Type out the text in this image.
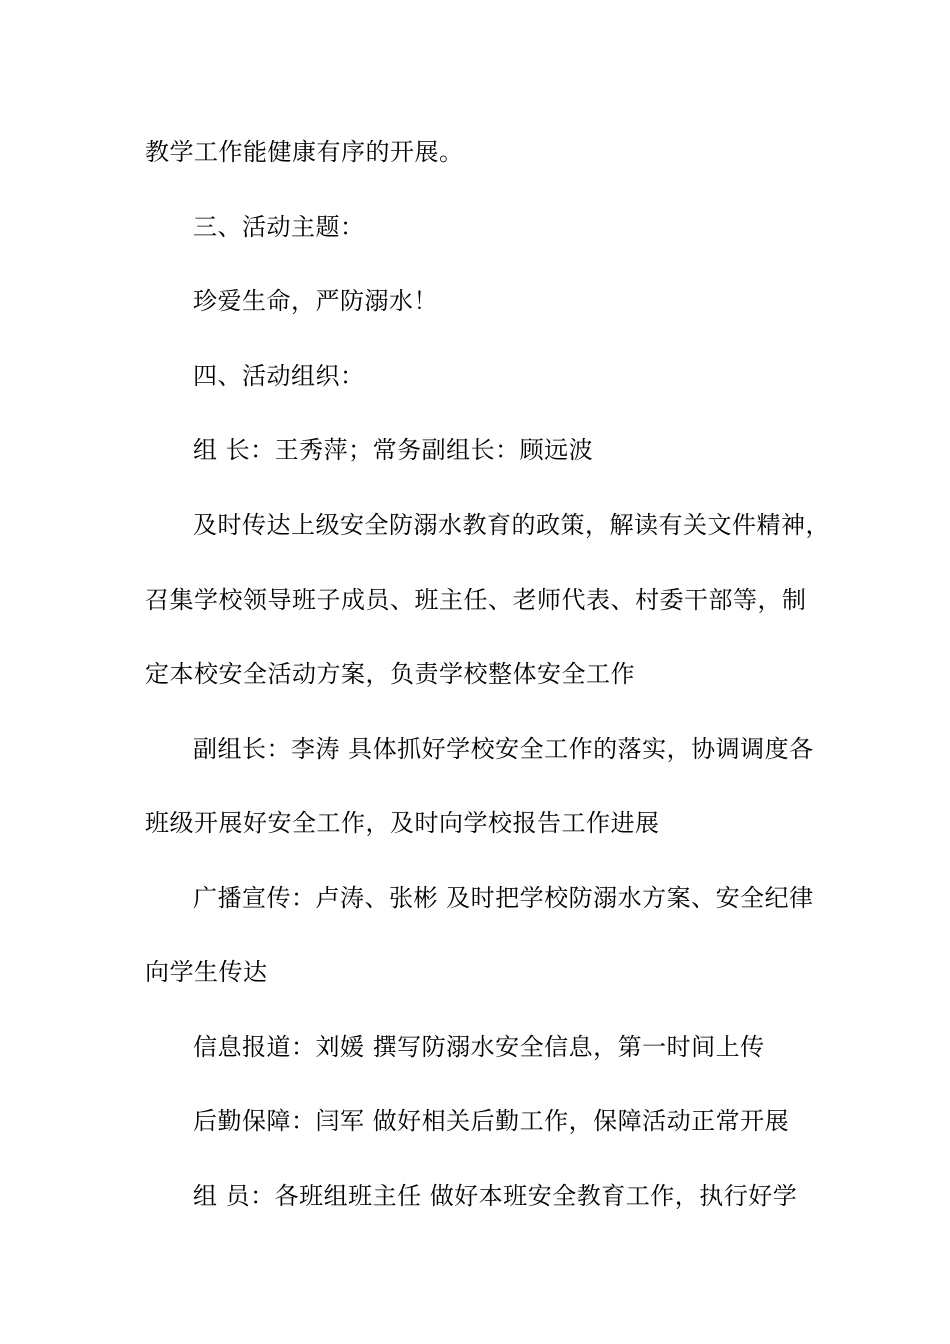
教学工作能健康有序的开展。
三、活动主题：
珍爱生命，严防溺水！
四、活动组织：
组 长：王秀萍；常务副组长：顾远波
及时传达上级安全防溺水教育的政策，解读有关文件精神，
召集学校领导班子成员、班主任、老师代表、村委干部等，制
定本校安全活动方案，负责学校整体安全工作
副组长：李涛 具体抓好学校安全工作的落实，协调调度各
班级开展好安全工作，及时向学校报告工作进展
广播宣传：卢涛、张彬 及时把学校防溺水方案、安全纪律
向学生传达
信息报道：刘媛 撰写防溺水安全信息，第一时间上传
后勤保障：闫军 做好相关后勤工作，保障活动正常开展
组 员：各班组班主任 做好本班安全教育工作，执行好学
